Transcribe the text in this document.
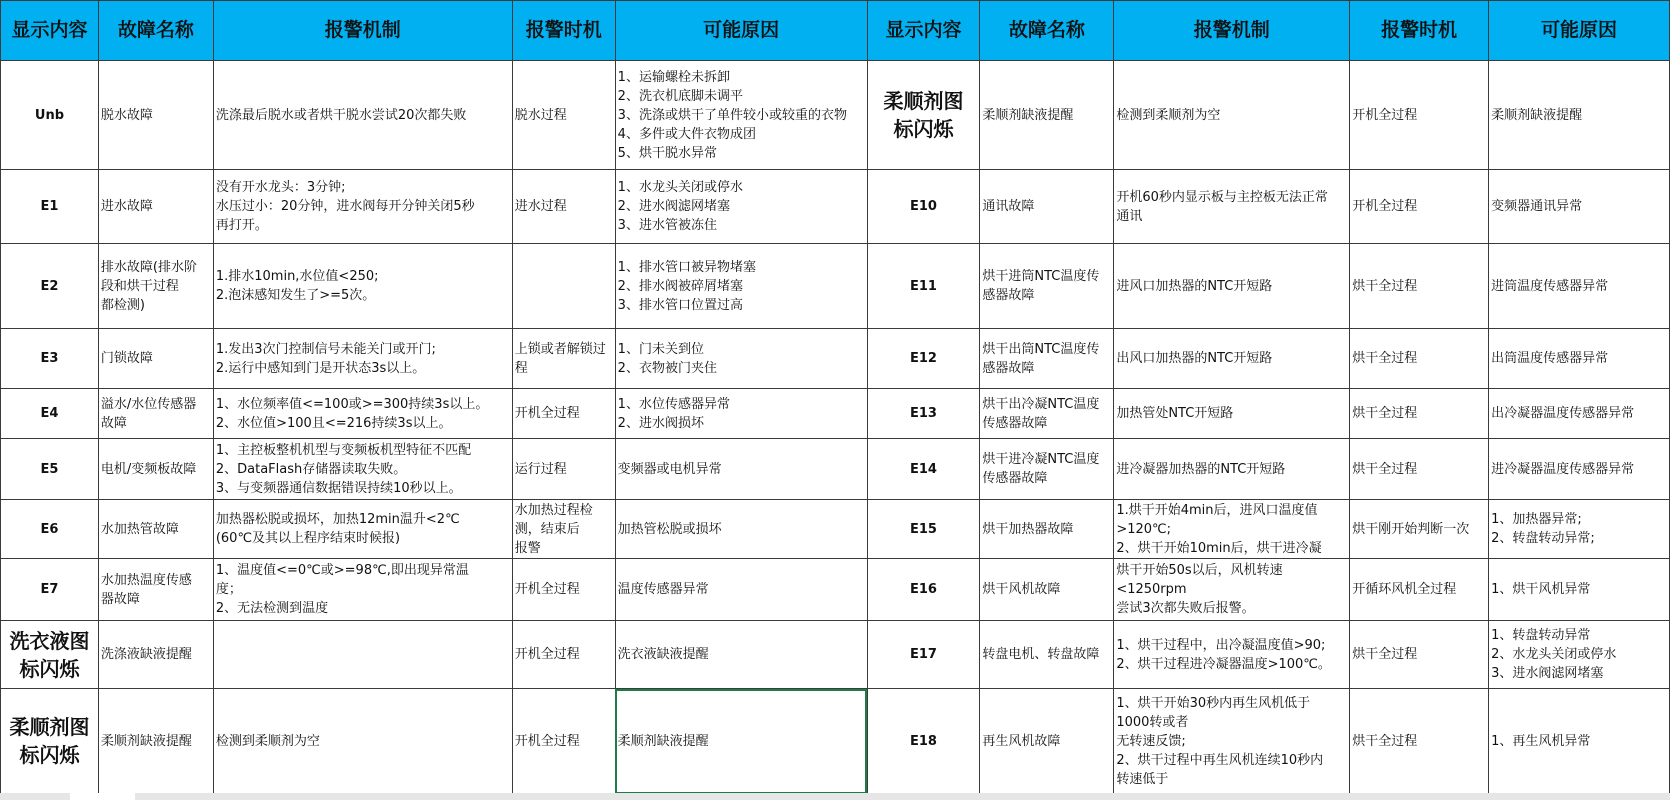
显示内容	故障名称	报警机制	报警时机	可能原因	显示内容	故障名称	报警机制	报警时机	可能原因
Unb	脱水故障	洗涤最后脱水或者烘干脱水尝试20次都失败	脱水过程	1、运输螺栓未拆卸
2、洗衣机底脚未调平
3、洗涤或烘干了单件较小或较重的衣物
4、多件或大件衣物成团
5、烘干脱水异常	柔顺剂图
标闪烁	柔顺剂缺液提醒	检测到柔顺剂为空	开机全过程	柔顺剂缺液提醒

E1	进水故障	没有开水龙头：3分钟;
水压过小：20分钟，进水阀每开分钟关闭5秒
再打开。	进水过程	1、水龙头关闭或停水
2、进水阀滤网堵塞
3、进水管被冻住	E10	通讯故障	开机60秒内显示板与主控板无法正常
通讯	开机全过程	变频器通讯异常

E2	排水故障(排水阶
段和烘干过程
都检测)	1.排水10min,水位值<250;
2.泡沫感知发生了>=5次。		1、排水管口被异物堵塞
2、排水阀被碎屑堵塞
3、排水管口位置过高	E11	烘干进筒NTC温度传
感器故障	进风口加热器的NTC开短路	烘干全过程	进筒温度传感器异常

E3	门锁故障	1.发出3次门控制信号未能关门或开门;
2.运行中感知到门是开状态3s以上。	上锁或者解锁过
程	1、门未关到位
2、衣物被门夹住	E12	烘干出筒NTC温度传
感器故障	出风口加热器的NTC开短路	烘干全过程	出筒温度传感器异常

E4	溢水/水位传感器
故障	1、水位频率值<=100或>=300持续3s以上。
2、水位值>100且<=216持续3s以上。	开机全过程	1、水位传感器异常
2、进水阀损坏	E13	烘干出冷凝NTC温度
传感器故障	加热管处NTC开短路	烘干全过程	出冷凝器温度传感器异常

E5	电机/变频板故障	1、主控板整机机型与变频板机型特征不匹配
2、DataFlash存储器读取失败。
3、与变频器通信数据错误持续10秒以上。	运行过程	变频器或电机异常	E14	烘干进冷凝NTC温度
传感器故障	进冷凝器加热器的NTC开短路	烘干全过程	进冷凝器温度传感器异常

E6	水加热管故障	加热器松脱或损坏，加热12min温升<2℃
(60℃及其以上程序结束时候报)	水加热过程检
测，结束后
报警	加热管松脱或损坏	E15	烘干加热器故障	1.烘干开始4min后，进风口温度值
>120℃;
2、烘干开始10min后，烘干进冷凝	烘干刚开始判断一次	1、加热器异常;
2、转盘转动异常;

E7	水加热温度传感
器故障	1、温度值<=0℃或>=98℃,即出现异常温
度；
2、无法检测到温度	开机全过程	温度传感器异常	E16	烘干风机故障	烘干开始50s以后，风机转速
<1250rpm
尝试3次都失败后报警。	开循环风机全过程	1、烘干风机异常

洗衣液图
标闪烁	洗涤液缺液提醒		开机全过程	洗衣液缺液提醒	E17	转盘电机、转盘故障	1、烘干过程中，出冷凝温度值>90;
2、烘干过程进冷凝器温度>100℃。	烘干全过程	1、转盘转动异常
2、水龙头关闭或停水
3、进水阀滤网堵塞

柔顺剂图
标闪烁	柔顺剂缺液提醒	检测到柔顺剂为空	开机全过程	柔顺剂缺液提醒	E18	再生风机故障	1、烘干开始30秒内再生风机低于
1000转或者
无转速反馈;
2、烘干过程中再生风机连续10秒内
转速低于	烘干全过程	1、再生风机异常
